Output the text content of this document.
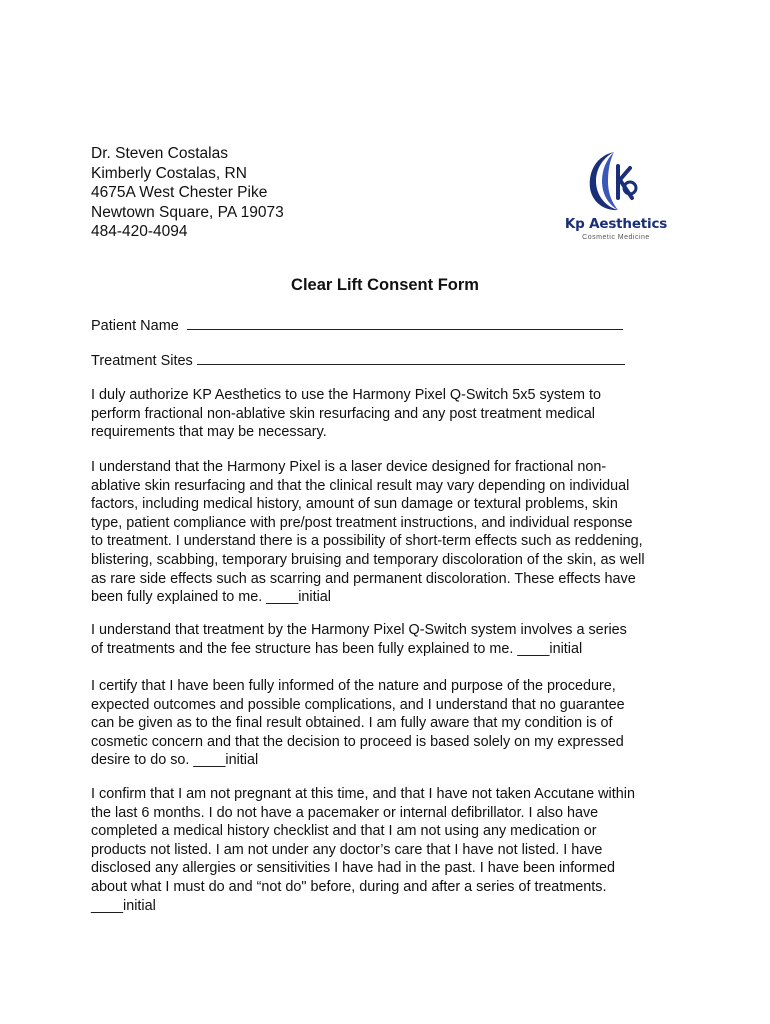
Dr. Steven Costalas
Kimberly Costalas, RN
4675A West Chester Pike
Newtown Square, PA 19073
484-420-4094	Kp Aesthetics
Cosmetic Medicine
Clear Lift Consent Form
Patient Name
Treatment Sites

I duly authorize KP Aesthetics to use the Harmony Pixel Q-Switch 5x5 system to
perform fractional non-ablative skin resurfacing and any post treatment medical
requirements that may be necessary.

I understand that the Harmony Pixel is a laser device designed for fractional non-
ablative skin resurfacing and that the clinical result may vary depending on individual
factors, including medical history, amount of sun damage or textural problems, skin
type, patient compliance with pre/post treatment instructions, and individual response
to treatment. I understand there is a possibility of short-term effects such as reddening,
blistering, scabbing, temporary bruising and temporary discoloration of the skin, as well
as rare side effects such as scarring and permanent discoloration. These effects have
been fully explained to me. ____initial

I understand that treatment by the Harmony Pixel Q-Switch system involves a series
of treatments and the fee structure has been fully explained to me. ____initial

I certify that I have been fully informed of the nature and purpose of the procedure,
expected outcomes and possible complications, and I understand that no guarantee
can be given as to the final result obtained. I am fully aware that my condition is of
cosmetic concern and that the decision to proceed is based solely on my expressed
desire to do so. ____initial

I confirm that I am not pregnant at this time, and that I have not taken Accutane within
the last 6 months. I do not have a pacemaker or internal defibrillator. I also have
completed a medical history checklist and that I am not using any medication or
products not listed. I am not under any doctor’s care that I have not listed. I have
disclosed any allergies or sensitivities I have had in the past. I have been informed
about what I must do and “not do" before, during and after a series of treatments.
____initial
